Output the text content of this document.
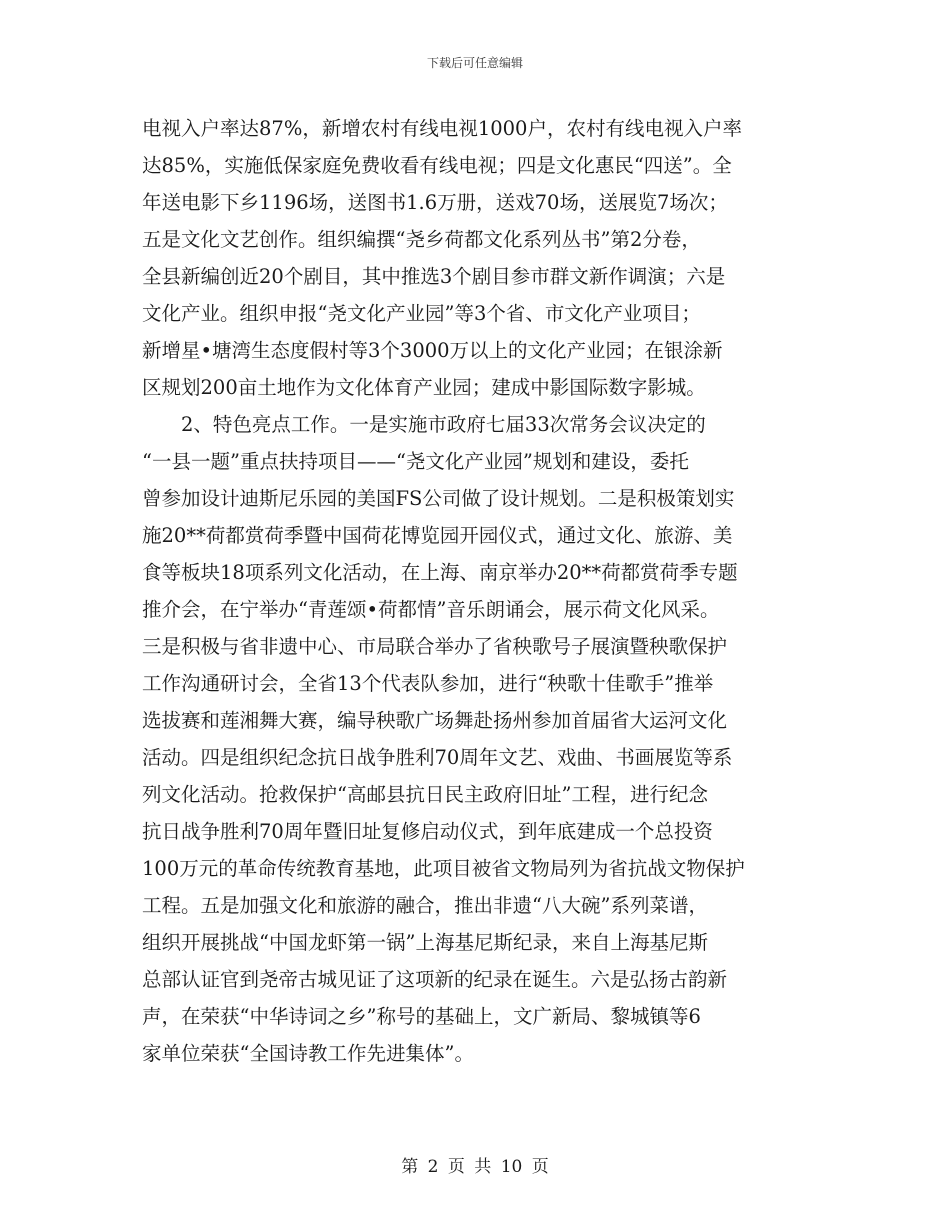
下载后可任意编辑
电视入户率达87%，新增农村有线电视1000户，农村有线电视入户率
达85%，实施低保家庭免费收看有线电视；四是文化惠民“四送”。全
年送电影下乡1196场，送图书1.6万册，送戏70场，送展览7场次；
五是文化文艺创作。组织编撰“尧乡荷都文化系列丛书”第2分卷，
全县新编创近20个剧目，其中推选3个剧目参市群文新作调演；六是
文化产业。组织申报“尧文化产业园”等3个省、市文化产业项目；
新增星•塘湾生态度假村等3个3000万以上的文化产业园；在银涂新
区规划200亩土地作为文化体育产业园；建成中影国际数字影城。
2、特色亮点工作。一是实施市政府七届33次常务会议决定的
“一县一题”重点扶持项目——“尧文化产业园”规划和建设，委托
曾参加设计迪斯尼乐园的美国FS公司做了设计规划。二是积极策划实
施20**荷都赏荷季暨中国荷花博览园开园仪式，通过文化、旅游、美
食等板块18项系列文化活动，在上海、南京举办20**荷都赏荷季专题
推介会，在宁举办“青莲颂•荷都情”音乐朗诵会，展示荷文化风采。
三是积极与省非遗中心、市局联合举办了省秧歌号子展演暨秧歌保护
工作沟通研讨会，全省13个代表队参加，进行“秧歌十佳歌手”推举
选拔赛和莲湘舞大赛，编导秧歌广场舞赴扬州参加首届省大运河文化
活动。四是组织纪念抗日战争胜利70周年文艺、戏曲、书画展览等系
列文化活动。抢救保护“高邮县抗日民主政府旧址”工程，进行纪念
抗日战争胜利70周年暨旧址复修启动仪式，到年底建成一个总投资
100万元的革命传统教育基地，此项目被省文物局列为省抗战文物保护
工程。五是加强文化和旅游的融合，推出非遗“八大碗”系列菜谱，
组织开展挑战“中国龙虾第一锅”上海基尼斯纪录，来自上海基尼斯
总部认证官到尧帝古城见证了这项新的纪录在诞生。六是弘扬古韵新
声，在荣获“中华诗词之乡”称号的基础上，文广新局、黎城镇等6
家单位荣获“全国诗教工作先进集体”。
第 2 页 共 10 页
